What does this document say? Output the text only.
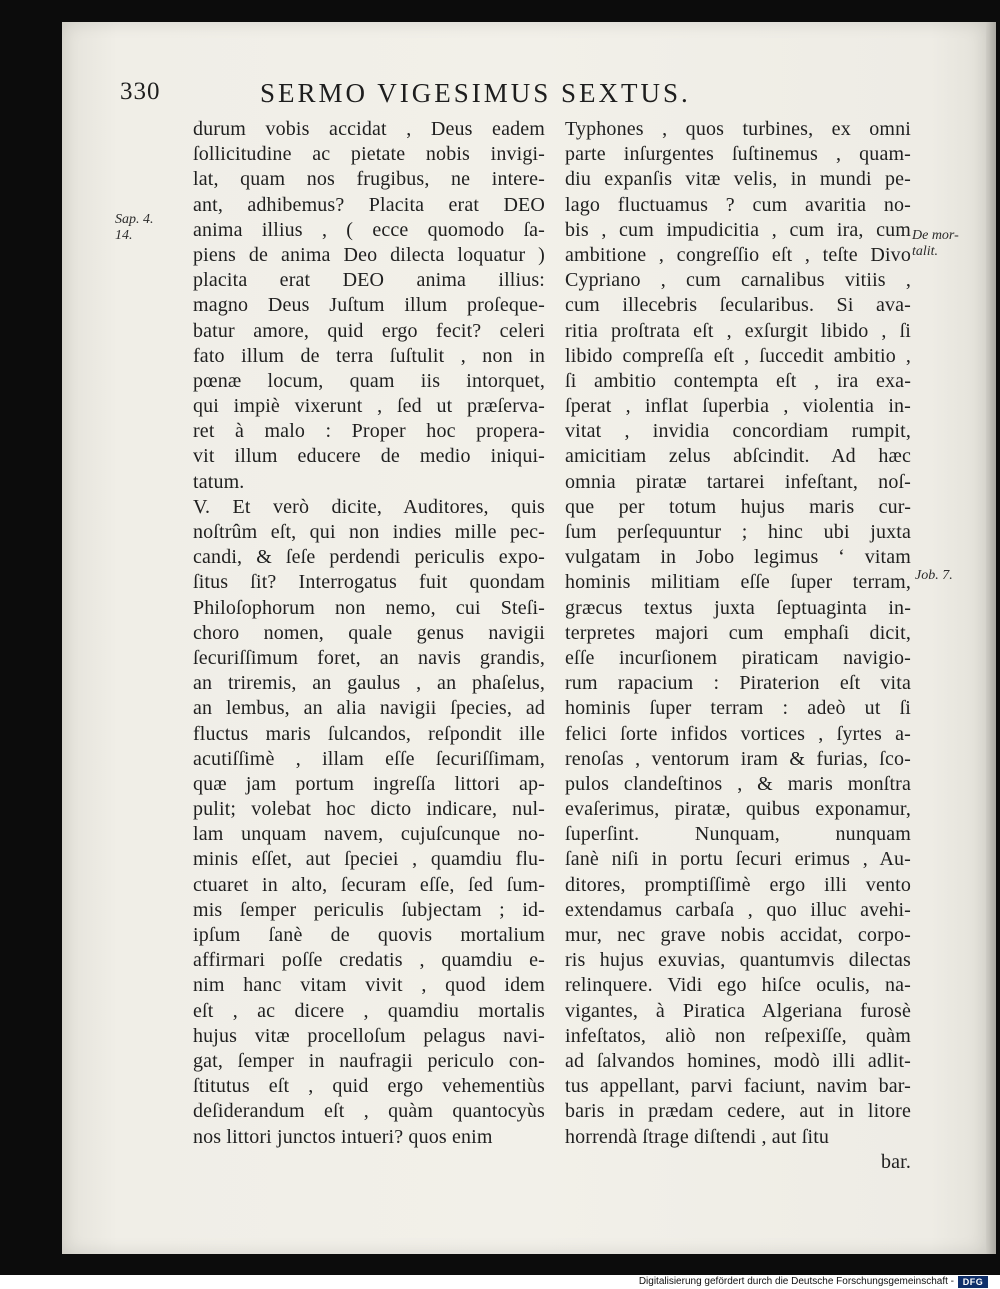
330	SERMO VIGESIMUS SEXTUS.
durum vobis accidat , Deus eadem
ſollicitudine ac pietate nobis invigi-
lat, quam nos frugibus, ne intere-
ant, adhibemus? Placita erat DEO
anima illius , ( ecce quomodo ſa-
piens de anima Deo dilecta loquatur )
placita erat DEO anima illius:
magno Deus Juſtum illum proſeque-
batur amore, quid ergo fecit? celeri
fato illum de terra ſuſtulit , non in
pœnæ locum, quam iis intorquet,
qui impiè vixerunt , ſed ut præſerva-
ret à malo : Proper hoc propera-
vit illum educere de medio iniqui-
tatum.
V. Et verò dicite, Auditores, quis
noſtrûm eſt, qui non indies mille pec-
candi, & ſeſe perdendi periculis expo-
ſitus ſit? Interrogatus fuit quondam
Philoſophorum non nemo, cui Steſi-
choro nomen, quale genus navigii
ſecuriſſimum foret, an navis grandis,
an triremis, an gaulus , an phaſelus,
an lembus, an alia navigii ſpecies, ad
fluctus maris ſulcandos, reſpondit ille
acutiſſimè , illam eſſe ſecuriſſimam,
quæ jam portum ingreſſa littori ap-
pulit; volebat hoc dicto indicare, nul-
lam unquam navem, cujuſcunque no-
minis eſſet, aut ſpeciei , quamdiu flu-
ctuaret in alto, ſecuram eſſe, ſed ſum-
mis ſemper periculis ſubjectam ; id-
ipſum ſanè de quovis mortalium
affirmari poſſe credatis , quamdiu e-
nim hanc vitam vivit , quod idem
eſt , ac dicere , quamdiu mortalis
hujus vitæ procelloſum pelagus navi-
gat, ſemper in naufragii periculo con-
ſtitutus eſt , quid ergo vehementiùs
deſiderandum eſt , quàm quantocyùs
nos littori junctos intueri? quos enim
Typhones , quos turbines, ex omni
parte inſurgentes ſuſtinemus , quam-
diu expanſis vitæ velis, in mundi pe-
lago fluctuamus ? cum avaritia no-
bis , cum impudicitia , cum ira, cum
ambitione , congreſſio eſt , teſte Divo
Cypriano , cum carnalibus vitiis ,
cum illecebris ſecularibus. Si ava-
ritia proſtrata eſt , exſurgit libido , ſi
libido compreſſa eſt , ſuccedit ambitio ,
ſi ambitio contempta eſt , ira exa-
ſperat , inflat ſuperbia , violentia in-
vitat , invidia concordiam rumpit,
amicitiam zelus abſcindit. Ad hæc
omnia piratæ tartarei infeſtant, noſ-
que per totum hujus maris cur-
ſum perſequuntur ; hinc ubi juxta
vulgatam in Jobo legimus ‘ vitam
hominis militiam eſſe ſuper terram,
græcus textus juxta ſeptuaginta in-
terpretes majori cum emphaſi dicit,
eſſe incurſionem piraticam navigio-
rum rapacium : Piraterion eſt vita
hominis ſuper terram : adeò ut ſi
felici ſorte infidos vortices , ſyrtes a-
renoſas , ventorum iram & furias, ſco-
pulos clandeſtinos , & maris monſtra
evaſerimus, piratæ, quibus exponamur,
ſuperſint. Nunquam, nunquam
ſanè niſi in portu ſecuri erimus , Au-
ditores, promptiſſimè ergo illi vento
extendamus carbaſa , quo illuc avehi-
mur, nec grave nobis accidat, corpo-
ris hujus exuvias, quantumvis dilectas
relinquere. Vidi ego hiſce oculis, na-
vigantes, à Piratica Algeriana furosè
infeſtatos, aliò non reſpexiſſe, quàm
ad ſalvandos homines, modò illi adlit-
tus appellant, parvi faciunt, navim bar-
baris in prædam cedere, aut in litore
horrendà ſtrage diſtendi , aut ſitu
bar.
Sap. 4.
14.	De mor-
talit.
Job. 7.
Digitalisierung gefördert durch die Deutsche Forschungsgemeinschaft - DFG
